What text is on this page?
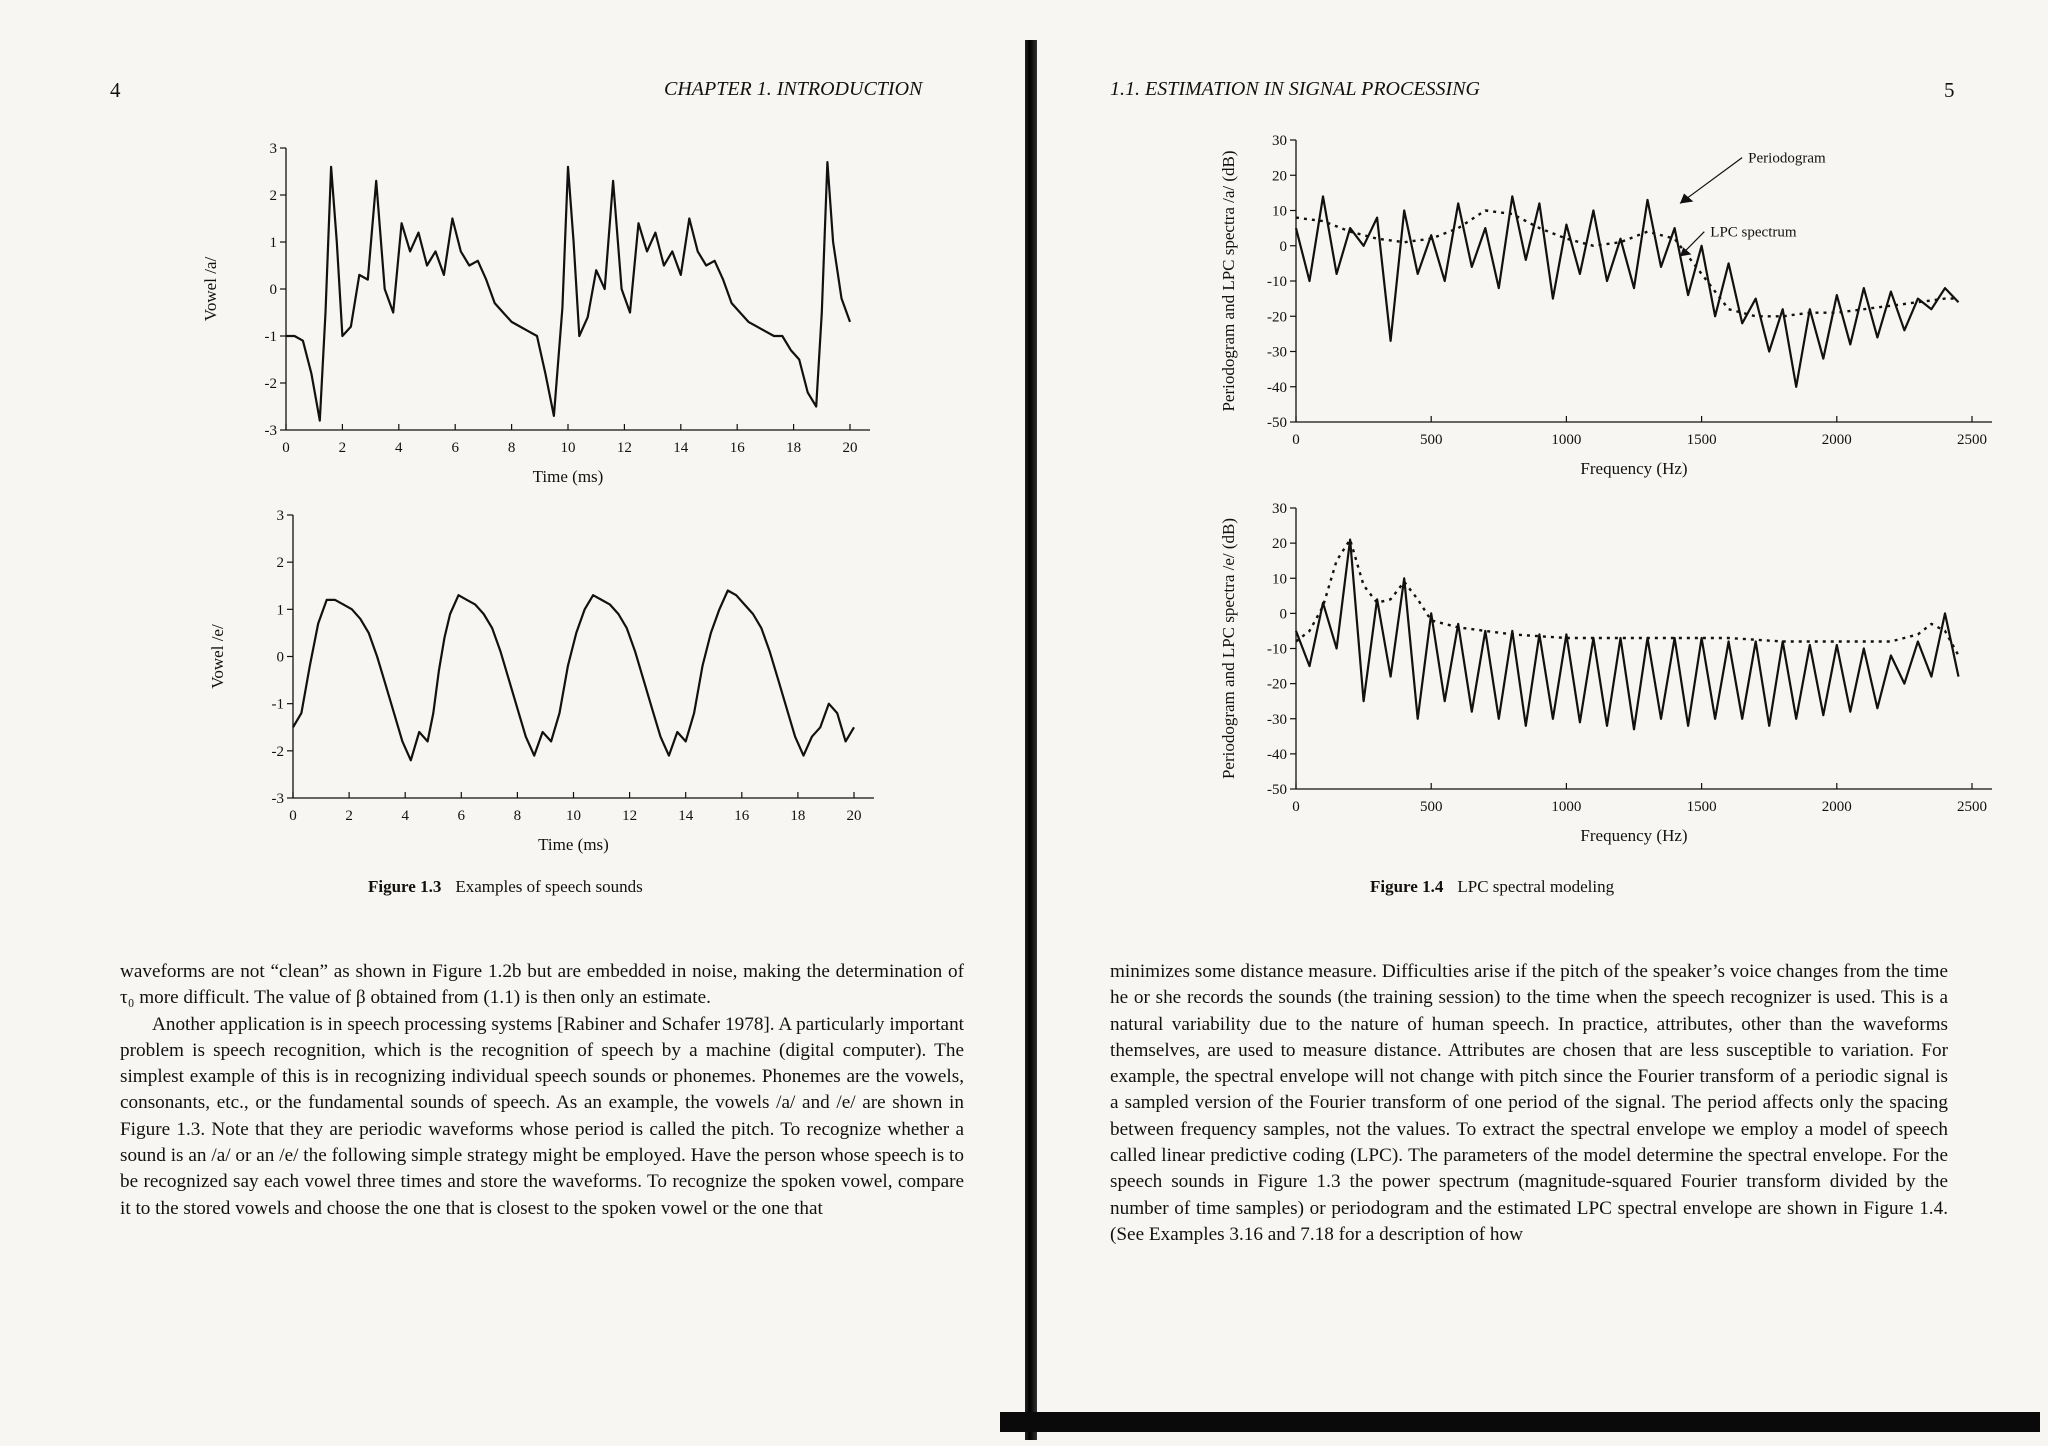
4	CHAPTER 1. INTRODUCTION
0	2	4	6	8	10	12	14	16	18	20
3
2
1
0
-1
-2
-3
Time (ms)
Vowel /a/
0	2	4	6	8	10	12	14	16	18	20
3
2
1
0
-1
-2
-3
Time (ms)
Vowel /e/
Figure 1.3 Examples of speech sounds

waveforms are not “clean” as shown in Figure 1.2b but are embedded in noise, making the determination of τ₀ more difficult. The value of β obtained from (1.1) is then only an estimate.

Another application is in speech processing systems [Rabiner and Schafer 1978]. A particularly important problem is speech recognition, which is the recognition of speech by a machine (digital computer). The simplest example of this is in recognizing individual speech sounds or phonemes. Phonemes are the vowels, consonants, etc., or the fundamental sounds of speech. As an example, the vowels /a/ and /e/ are shown in Figure 1.3. Note that they are periodic waveforms whose period is called the pitch. To recognize whether a sound is an /a/ or an /e/ the following simple strategy might be employed. Have the person whose speech is to be recognized say each vowel three times and store the waveforms. To recognize the spoken vowel, compare it to the stored vowels and choose the one that is closest to the spoken vowel or the one that

1.1. ESTIMATION IN SIGNAL PROCESSING	5
0	500	1000	1500	2000	2500
30
20
10
0
-10
-20
-30
-40
-50
Frequency (Hz)
Periodogram and LPC spectra /a/ (dB)	Periodogram
LPC spectrum
0	500	1000	1500	2000	2500
30
20
10
0
-10
-20
-30
-40
-50
Frequency (Hz)
Periodogram and LPC spectra /e/ (dB)
Figure 1.4 LPC spectral modeling

minimizes some distance measure. Difficulties arise if the pitch of the speaker’s voice changes from the time he or she records the sounds (the training session) to the time when the speech recognizer is used. This is a natural variability due to the nature of human speech. In practice, attributes, other than the waveforms themselves, are used to measure distance. Attributes are chosen that are less susceptible to variation. For example, the spectral envelope will not change with pitch since the Fourier transform of a periodic signal is a sampled version of the Fourier transform of one period of the signal. The period affects only the spacing between frequency samples, not the values. To extract the spectral envelope we employ a model of speech called linear predictive coding (LPC). The parameters of the model determine the spectral envelope. For the speech sounds in Figure 1.3 the power spectrum (magnitude-squared Fourier transform divided by the number of time samples) or periodogram and the estimated LPC spectral envelope are shown in Figure 1.4. (See Examples 3.16 and 7.18 for a description of how
